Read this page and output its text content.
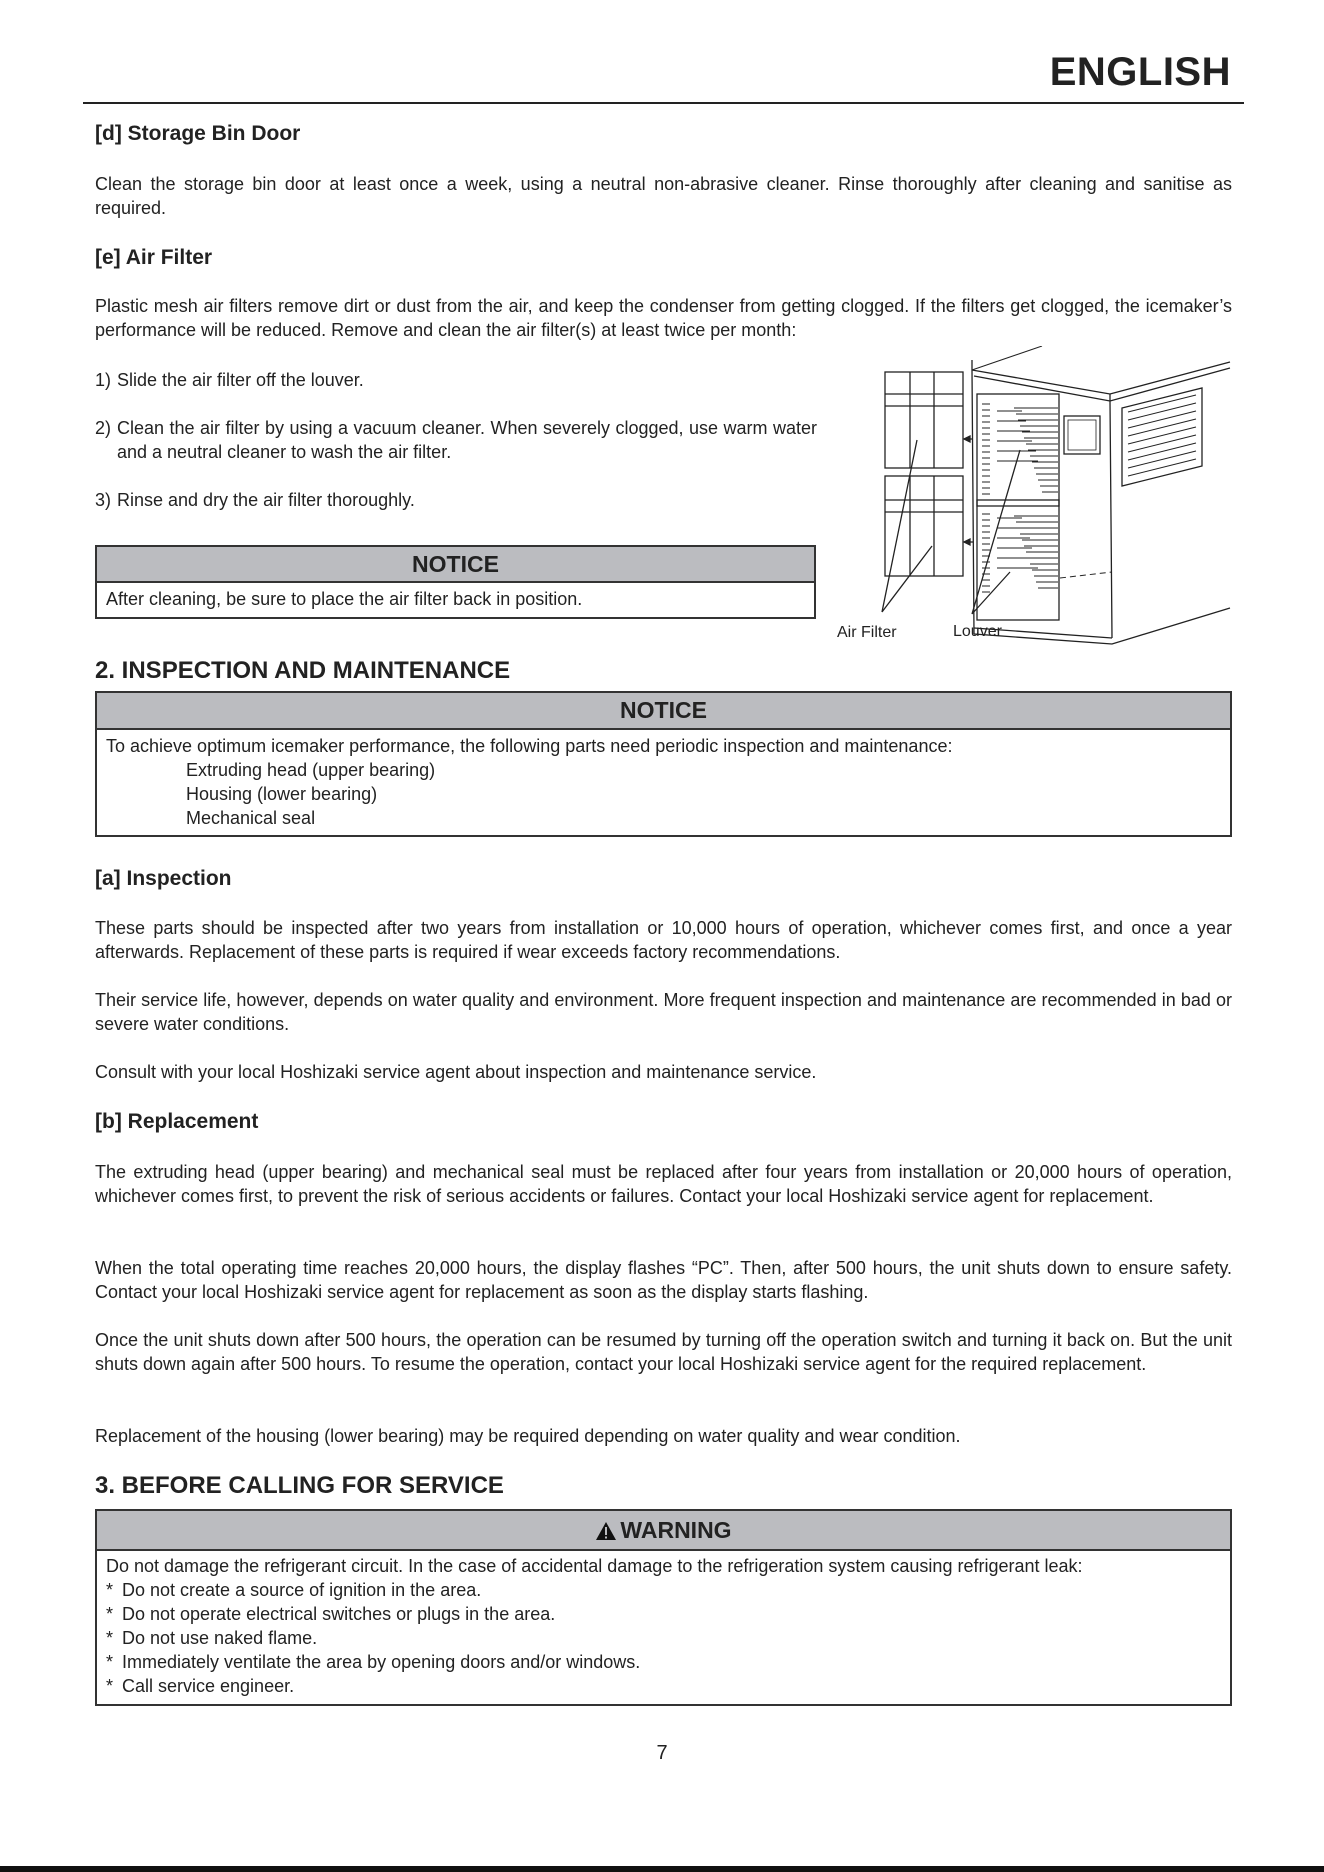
ENGLISH
[d] Storage Bin Door

Clean the storage bin door at least once a week, using a neutral non-abrasive cleaner. Rinse thoroughly after cleaning and sanitise as required.

[e] Air Filter

Plastic mesh air filters remove dirt or dust from the air, and keep the condenser from getting clogged. If the filters get clogged, the icemaker’s performance will be reduced. Remove and clean the air filter(s) at least twice per month:

1) Slide the air filter off the louver.
2) Clean the air filter by using a vacuum cleaner. When severely clogged, use warm water and a neutral cleaner to wash the air filter.
3) Rinse and dry the air filter thoroughly.
NOTICE
After cleaning, be sure to place the air filter back in position.
2. INSPECTION AND MAINTENANCE
NOTICE
To achieve optimum icemaker performance, the following parts need periodic inspection and maintenance:
Extruding head (upper bearing)
Housing (lower bearing)
Mechanical seal
[a] Inspection

These parts should be inspected after two years from installation or 10,000 hours of operation, whichever comes first, and once a year afterwards. Replacement of these parts is required if wear exceeds factory recommendations.

Their service life, however, depends on water quality and environment. More frequent inspection and maintenance are recommended in bad or severe water conditions.

Consult with your local Hoshizaki service agent about inspection and maintenance service.

[b] Replacement

The extruding head (upper bearing) and mechanical seal must be replaced after four years from installation or 20,000 hours of operation, whichever comes first, to prevent the risk of serious accidents or failures. Contact your local Hoshizaki service agent for replacement.

When the total operating time reaches 20,000 hours, the display flashes “PC”. Then, after 500 hours, the unit shuts down to ensure safety. Contact your local Hoshizaki service agent for replacement as soon as the display starts flashing.

Once the unit shuts down after 500 hours, the operation can be resumed by turning off the operation switch and turning it back on. But the unit shuts down again after 500 hours. To resume the operation, contact your local Hoshizaki service agent for the required replacement.

Replacement of the housing (lower bearing) may be required depending on water quality and wear condition.

3. BEFORE CALLING FOR SERVICE
WARNING
Do not damage the refrigerant circuit. In the case of accidental damage to the refrigeration system causing refrigerant leak:
* Do not create a source of ignition in the area.
* Do not operate electrical switches or plugs in the area.
* Do not use naked flame.
* Immediately ventilate the area by opening doors and/or windows.
* Call service engineer.
Air Filter	Louver
7
